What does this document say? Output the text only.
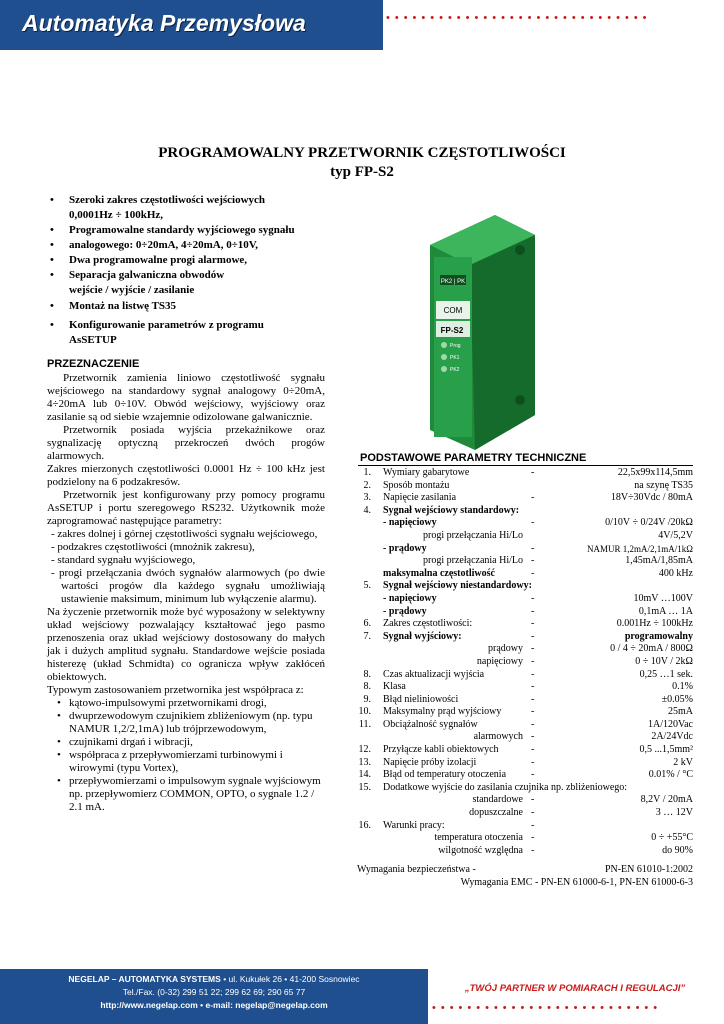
Automatyka Przemysłowa	••••••••••••••••••••••••••••••
PROGRAMOWALNY PRZETWORNIK CZĘSTOTLIWOŚCI
typ FP-S2
• Szeroki zakres częstotliwości wejściowych
0,0001Hz ÷ 100kHz,
• Programowalne standardy wyjściowego sygnału
• analogowego: 0÷20mA, 4÷20mA, 0÷10V,
• Dwa programowalne progi alarmowe,
• Separacja galwaniczna obwodów
wejście / wyjście / zasilanie
• Montaż na listwę TS35
• Konfigurowanie parametrów z programu
AsSETUP
PK2 | PK
COM
FP-S2
Prog
PK1
PK2
PRZEZNACZENIE

Przetwornik zamienia liniowo częstotliwość sygnału wejściowego na standardowy sygnał analogowy 0÷20mA, 4÷20mA lub 0÷10V. Obwód wejściowy, wyjściowy oraz zasilanie są od siebie wzajemnie odizolowane galwanicznie.

Przetwornik posiada wyjścia przekaźnikowe oraz sygnalizację optyczną przekroczeń dwóch progów alarmowych.

Zakres mierzonych częstotliwości 0.0001 Hz ÷ 100 kHz jest podzielony na 6 podzakresów.

Przetwornik jest konfigurowany przy pomocy programu AsSETUP i portu szeregowego RS232. Użytkownik może zaprogramować następujące parametry:

- zakres dolnej i górnej częstotliwości sygnału wejściowego,

- podzakres częstotliwości (mnożnik zakresu),

- standard sygnału wyjściowego,

- progi przełączania dwóch sygnałów alarmowych (po dwie wartości progów dla każdego sygnału umożliwiają ustawienie maksimum, minimum lub wyłączenie alarmu).

Na życzenie przetwornik może być wyposażony w selektywny układ wejściowy pozwalający kształtować jego pasmo przenoszenia oraz układ wejściowy dostosowany do małych jak i dużych amplitud sygnału. Standardowe wejście posiada histerezę (układ Schmidta) co ogranicza wpływ zakłóceń obiektowych.

Typowym zastosowaniem przetwornika jest współpraca z:

• kątowo-impulsowymi przetwornikami drogi,

• dwuprzewodowym czujnikiem zbliżeniowym (np. typu NAMUR 1,2/2,1mA) lub trójprzewodowym,

• czujnikami drgań i wibracji,

• współpraca z przepływomierzami turbinowymi i wirowymi (typu Vortex),

• przepływomierzami o impulsowym sygnale wyjściowym np. przepływomierz COMMON, OPTO, o sygnale 1.2 / 2.1 mA.

PODSTAWOWE PARAMETRY TECHNICZNE
1. Wymiary gabarytowe	-	22,5x99x114,5mm
2. Sposób montażu	na szynę TS35
3. Napięcie zasilania	-	18V÷30Vdc / 80mA
4. Sygnał wejściowy standardowy:
- napięciowy	-	0/10V ÷ 0/24V /20kΩ
progi przełączania Hi/Lo	4V/5,2V
- prądowy	-	NAMUR 1,2mA/2,1mA/1kΩ
progi przełączania Hi/Lo -	1,45mA/1,85mA
maksymalna częstotliwość	-	400 kHz
5. Sygnał wejściowy niestandardowy:
- napięciowy	-	10mV …100V
- prądowy	-	0,1mA … 1A
6. Zakres częstotliwości:	-	0.001Hz ÷ 100kHz
7. Sygnał wyjściowy:	-	programowalny
prądowy -	0 / 4 ÷ 20mA / 800Ω
napięciowy -	0 ÷ 10V / 2kΩ
8. Czas aktualizacji wyjścia	-	0,25 …1 sek.
8. Klasa	-	0.1%
9. Błąd nieliniowości	-	±0.05%
10. Maksymalny prąd wyjściowy	-	25mA
11. Obciążalność sygnałów	-	1A/120Vac
alarmowych -	2A/24Vdc
12. Przyłącze kabli obiektowych	-	0,5 ...1,5mm²
13. Napięcie próby izolacji	-	2 kV
14. Błąd od temperatury otoczenia -	0.01% / °C
15. Dodatkowe wyjście do zasilania czujnika np. zbliżeniowego:
standardowe -	8,2V / 20mA
dopuszczalne -	3 … 12V
16. Warunki pracy:	-
temperatura otoczenia -	0 ÷ +55°C
wilgotność względna -	do 90%
Wymagania bezpieczeństwa -	PN-EN 61010-1:2002
Wymagania EMC - PN-EN 61000-6-1, PN-EN 61000-6-3
NEGELAP – AUTOMATYKA SYSTEMS • ul. Kukułek 26 • 41-200 Sosnowiec
Tel./Fax. (0-32) 299 51 22; 299 62 69; 290 65 77
http://www.negelap.com • e-mail: negelap@negelap.com
„TWÓJ PARTNER W POMIARACH I REGULACJI”
••••••••••••••••••••••••••
